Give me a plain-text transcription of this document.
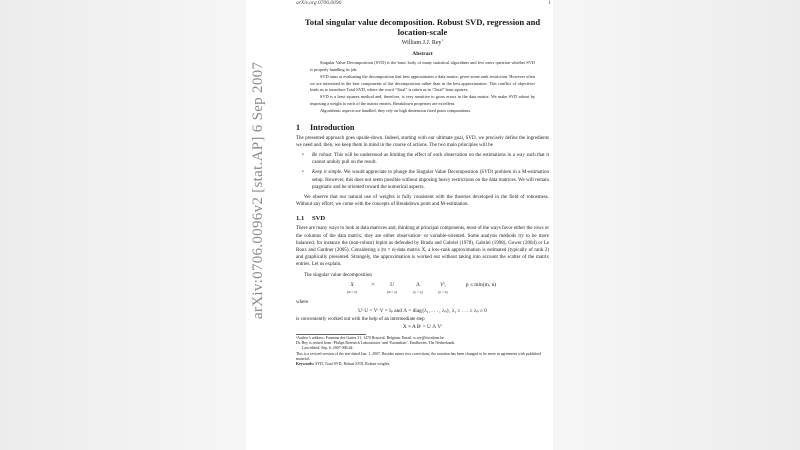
arXiv.org 0706.0096	1
arXiv:0706.0096v2 [stat.AP] 6 Sep 2007
Total singular value decomposition. Robust SVD, regression and location-scale
William J.J. Rey$^1$
Abstract

Singular Value Decomposition (SVD) is the basic body of many statistical algorithms and few users question whether SVD is properly handling its job.

SVD aims at evaluating the decomposition that best approximates a data matrix, given some rank restriction. However often we are interested in the best components of the decomposition rather than in the best approximation. This conflict of objectives leads us to introduce Total SVD, where the word “Total” is taken as in “Total” least squares.

SVD is a least squares method and, therefore, is very sensitive to gross errors in the data matrix. We make SVD robust by imposing a weight to each of the matrix entries. Breakdown properties are excellent.

Algorithmic aspects are handled; they rely on high dimension fixed point computations.

1 Introduction

The presented approach goes upside-down. Indeed, starting with our ultimate goal, SVD, we precisely define the ingredients we need and, then, we keep them in mind in the course of actions. The two main principles will be

• Be robust. This will be understood as limiting the effect of each observation on the estimations in a way such that it cannot unduly pull on the result.
• Keep it simple. We would appreciate to plunge the Singular Value Decomposition (SVD) problem in a M-estimation setup. However, this does not seem possible without imposing heavy restrictions on the data matrices. We will remain pragmatic and be oriented toward the numerical aspects.

We observe that our natural use of weights is fully consistent with the theories developed in the field of robustness. Without any effort, we come with the concepts of Breakdown point and M-estimation.

1.1 SVD

There are many ways to look at data matrices and, thinking at principal components, most of the ways favor either the rows or the columns of the data matrix; they are either observation- or variable-oriented. Some analysis methods try to be more balanced, for instance the (non-robust) biplot as defended by Bradu and Gabriel (1978), Gabriel (1998), Gower (2004) or Le Roux and Gardner (2005). Considering a |m × n|-data matrix X, a low-rank approximation is estimated (typically of rank 2) and graphically presented. Strangely, the approximation is worked out without taking into account the scatter of the matrix entries. Let us explain.

The singular value decomposition

X
[m × n]
≈	U
[m × p]
Λ
[p × p]
Vᵗ,
[p × n]
p ≤ min(m, n)
where
Uᵗ U = Vᵗ V = Iₚ and Λ = diag{λ₁, . . . , λₚ}, λ₁ ≥ . . . ≥ λₚ ≥ 0

is conveniently worked out with the help of an intermediate step

X ≈ A Bᵗ = U Λ Vᵗ

¹Author’s address: Fontaine des Gattes 31, 1470 Bousval, Belgium. Email: w.rey@tiscalinet.be

Dr. Rey is retired from ‘Philips Research Laboratories’ and ‘Eurandom’, Eindhoven, The Netherlands.

Last edited: Sep. 6, 2007 006:44.

This is a revised version of the text dated Jun. 1, 2007. Besides minor text corrections, the notation has been changed to be more in agreement with published material.

Keywords: SVD, Total SVD, Robust SVD, Robust weights.
